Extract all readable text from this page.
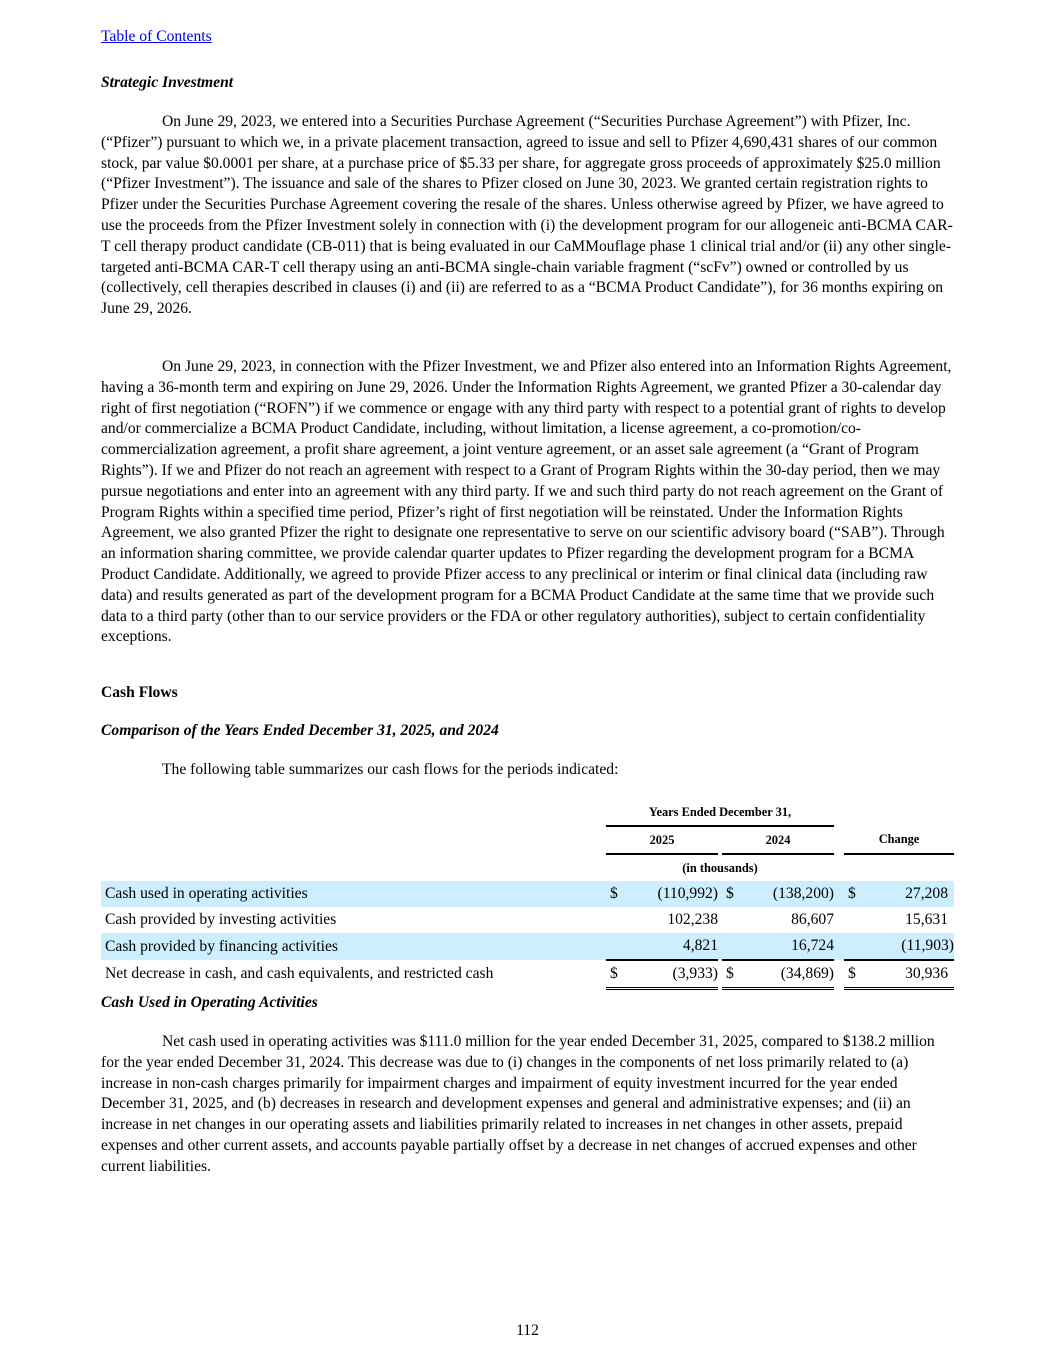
Table of Contents
Strategic Investment
On June 29, 2023, we entered into a Securities Purchase Agreement (“Securities Purchase Agreement”) with Pfizer, Inc. (“Pfizer”) pursuant to which we, in a private placement transaction, agreed to issue and sell to Pfizer 4,690,431 shares of our common stock, par value $0.0001 per share, at a purchase price of $5.33 per share, for aggregate gross proceeds of approximately $25.0 million (“Pfizer Investment”). The issuance and sale of the shares to Pfizer closed on June 30, 2023. We granted certain registration rights to Pfizer under the Securities Purchase Agreement covering the resale of the shares. Unless otherwise agreed by Pfizer, we have agreed to use the proceeds from the Pfizer Investment solely in connection with (i) the development program for our allogeneic anti-BCMA CAR-T cell therapy product candidate (CB-011) that is being evaluated in our CaMMouflage phase 1 clinical trial and/or (ii) any other single-targeted anti-BCMA CAR-T cell therapy using an anti-BCMA single-chain variable fragment (“scFv”) owned or controlled by us (collectively, cell therapies described in clauses (i) and (ii) are referred to as a “BCMA Product Candidate”), for 36 months expiring on June 29, 2026.
On June 29, 2023, in connection with the Pfizer Investment, we and Pfizer also entered into an Information Rights Agreement, having a 36-month term and expiring on June 29, 2026. Under the Information Rights Agreement, we granted Pfizer a 30-calendar day right of first negotiation (“ROFN”) if we commence or engage with any third party with respect to a potential grant of rights to develop and/or commercialize a BCMA Product Candidate, including, without limitation, a license agreement, a co-promotion/co-commercialization agreement, a profit share agreement, a joint venture agreement, or an asset sale agreement (a “Grant of Program Rights”). If we and Pfizer do not reach an agreement with respect to a Grant of Program Rights within the 30-day period, then we may pursue negotiations and enter into an agreement with any third party. If we and such third party do not reach agreement on the Grant of Program Rights within a specified time period, Pfizer’s right of first negotiation will be reinstated. Under the Information Rights Agreement, we also granted Pfizer the right to designate one representative to serve on our scientific advisory board (“SAB”). Through an information sharing committee, we provide calendar quarter updates to Pfizer regarding the development program for a BCMA Product Candidate. Additionally, we agreed to provide Pfizer access to any preclinical or interim or final clinical data (including raw data) and results generated as part of the development program for a BCMA Product Candidate at the same time that we provide such data to a third party (other than to our service providers or the FDA or other regulatory authorities), subject to certain confidentiality exceptions.
Cash Flows
Comparison of the Years Ended December 31, 2025, and 2024
The following table summarizes our cash flows for the periods indicated:
	Years Ended December 31,							
	2025			2024			Change	
	(in thousands)							
Cash used in operating activities	$	(110,992)		$	(138,200)		$	27,208
Cash provided by investing activities		102,238			86,607			15,631
Cash provided by financing activities		4,821			16,724			(11,903)
Net decrease in cash, and cash equivalents, and restricted cash	$	(3,933)		$	(34,869)		$	30,936
Cash Used in Operating Activities
Net cash used in operating activities was $111.0 million for the year ended December 31, 2025, compared to $138.2 million for the year ended December 31, 2024. This decrease was due to (i) changes in the components of net loss primarily related to (a) increase in non-cash charges primarily for impairment charges and impairment of equity investment incurred for the year ended December 31, 2025, and (b) decreases in research and development expenses and general and administrative expenses; and (ii) an increase in net changes in our operating assets and liabilities primarily related to increases in net changes in other assets, prepaid expenses and other current assets, and accounts payable partially offset by a decrease in net changes of accrued expenses and other current liabilities.
112
